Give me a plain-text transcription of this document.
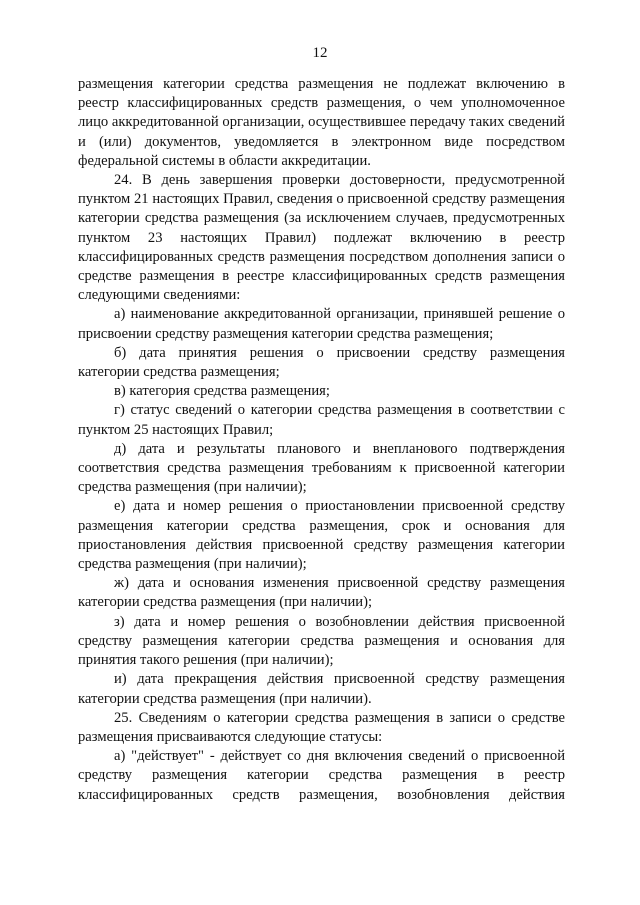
12

размещения категории средства размещения не подлежат включению в реестр классифицированных средств размещения, о чем уполномоченное лицо аккредитованной организации, осуществившее передачу таких сведений и (или) документов, уведомляется в электронном виде посредством федеральной системы в области аккредитации.

24. В день завершения проверки достоверности, предусмотренной пунктом 21 настоящих Правил, сведения о присвоенной средству размещения категории средства размещения (за исключением случаев, предусмотренных пунктом 23 настоящих Правил) подлежат включению в реестр классифицированных средств размещения посредством дополнения записи о средстве размещения в реестре классифицированных средств размещения следующими сведениями:

а) наименование аккредитованной организации, принявшей решение о присвоении средству размещения категории средства размещения;

б) дата принятия решения о присвоении средству размещения категории средства размещения;

в) категория средства размещения;

г) статус сведений о категории средства размещения в соответствии с пунктом 25 настоящих Правил;

д) дата и результаты планового и внепланового подтверждения соответствия средства размещения требованиям к присвоенной категории средства размещения (при наличии);

е) дата и номер решения о приостановлении присвоенной средству размещения категории средства размещения, срок и основания для приостановления действия присвоенной средству размещения категории средства размещения (при наличии);

ж) дата и основания изменения присвоенной средству размещения категории средства размещения (при наличии);

з) дата и номер решения о возобновлении действия присвоенной средству размещения категории средства размещения и основания для принятия такого решения (при наличии);

и) дата прекращения действия присвоенной средству размещения категории средства размещения (при наличии).

25. Сведениям о категории средства размещения в записи о средстве размещения присваиваются следующие статусы:

а) "действует" - действует со дня включения сведений о присвоенной средству размещения категории средства размещения в реестр классифицированных средств размещения, возобновления действия
